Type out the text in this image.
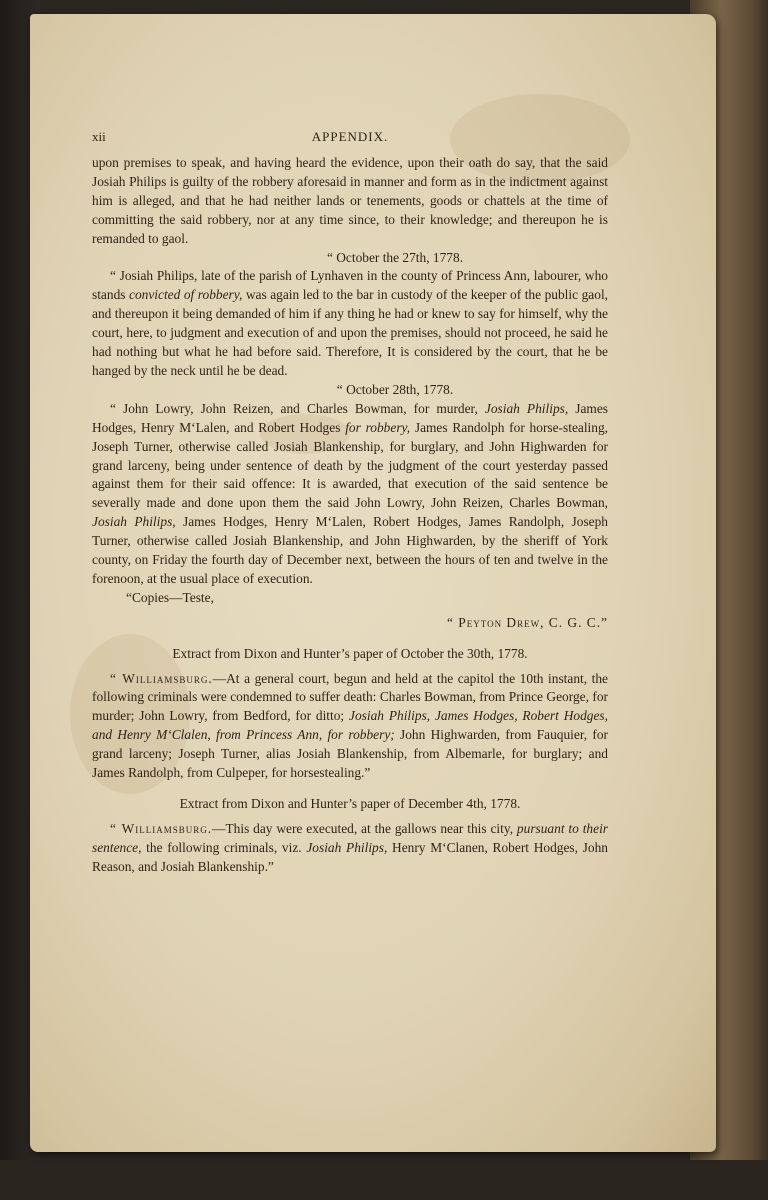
xii	APPENDIX.

upon premises to speak, and having heard the evidence, upon their oath do say, that the said Josiah Philips is guilty of the robbery aforesaid in manner and form as in the indictment against him is alleged, and that he had neither lands or tenements, goods or chattels at the time of committing the said robbery, nor at any time since, to their knowledge; and thereupon he is remanded to gaol.

“ October the 27th, 1778.

“ Josiah Philips, late of the parish of Lynhaven in the county of Princess Ann, labourer, who stands convicted of robbery, was again led to the bar in custody of the keeper of the public gaol, and thereupon it being demanded of him if any thing he had or knew to say for himself, why the court, here, to judgment and execution of and upon the premises, should not proceed, he said he had nothing but what he had before said. Therefore, It is considered by the court, that he be hanged by the neck until he be dead.

“ October 28th, 1778.

“ John Lowry, John Reizen, and Charles Bowman, for murder, Josiah Philips, James Hodges, Henry M‘Lalen, and Robert Hodges for robbery, James Randolph for horse-stealing, Joseph Turner, otherwise called Josiah Blankenship, for burglary, and John Highwarden for grand larceny, being under sentence of death by the judgment of the court yesterday passed against them for their said offence: It is awarded, that execution of the said sentence be severally made and done upon them the said John Lowry, John Reizen, Charles Bowman, Josiah Philips, James Hodges, Henry M‘Lalen, Robert Hodges, James Randolph, Joseph Turner, otherwise called Josiah Blankenship, and John Highwarden, by the sheriff of York county, on Friday the fourth day of December next, between the hours of ten and twelve in the forenoon, at the usual place of execution.

“Copies—Teste,

“ Peyton Drew, C. G. C.”

Extract from Dixon and Hunter’s paper of October the 30th, 1778.

“ Williamsburg.—At a general court, begun and held at the capitol the 10th instant, the following criminals were condemned to suffer death: Charles Bowman, from Prince George, for murder; John Lowry, from Bedford, for ditto; Josiah Philips, James Hodges, Robert Hodges, and Henry M‘Clalen, from Princess Ann, for robbery; John Highwarden, from Fauquier, for grand larceny; Joseph Turner, alias Josiah Blankenship, from Albemarle, for burglary; and James Randolph, from Culpeper, for horsestealing.”

Extract from Dixon and Hunter’s paper of December 4th, 1778.

“ Williamsburg.—This day were executed, at the gallows near this city, pursuant to their sentence, the following criminals, viz. Josiah Philips, Henry M‘Clanen, Robert Hodges, John Reason, and Josiah Blankenship.”
